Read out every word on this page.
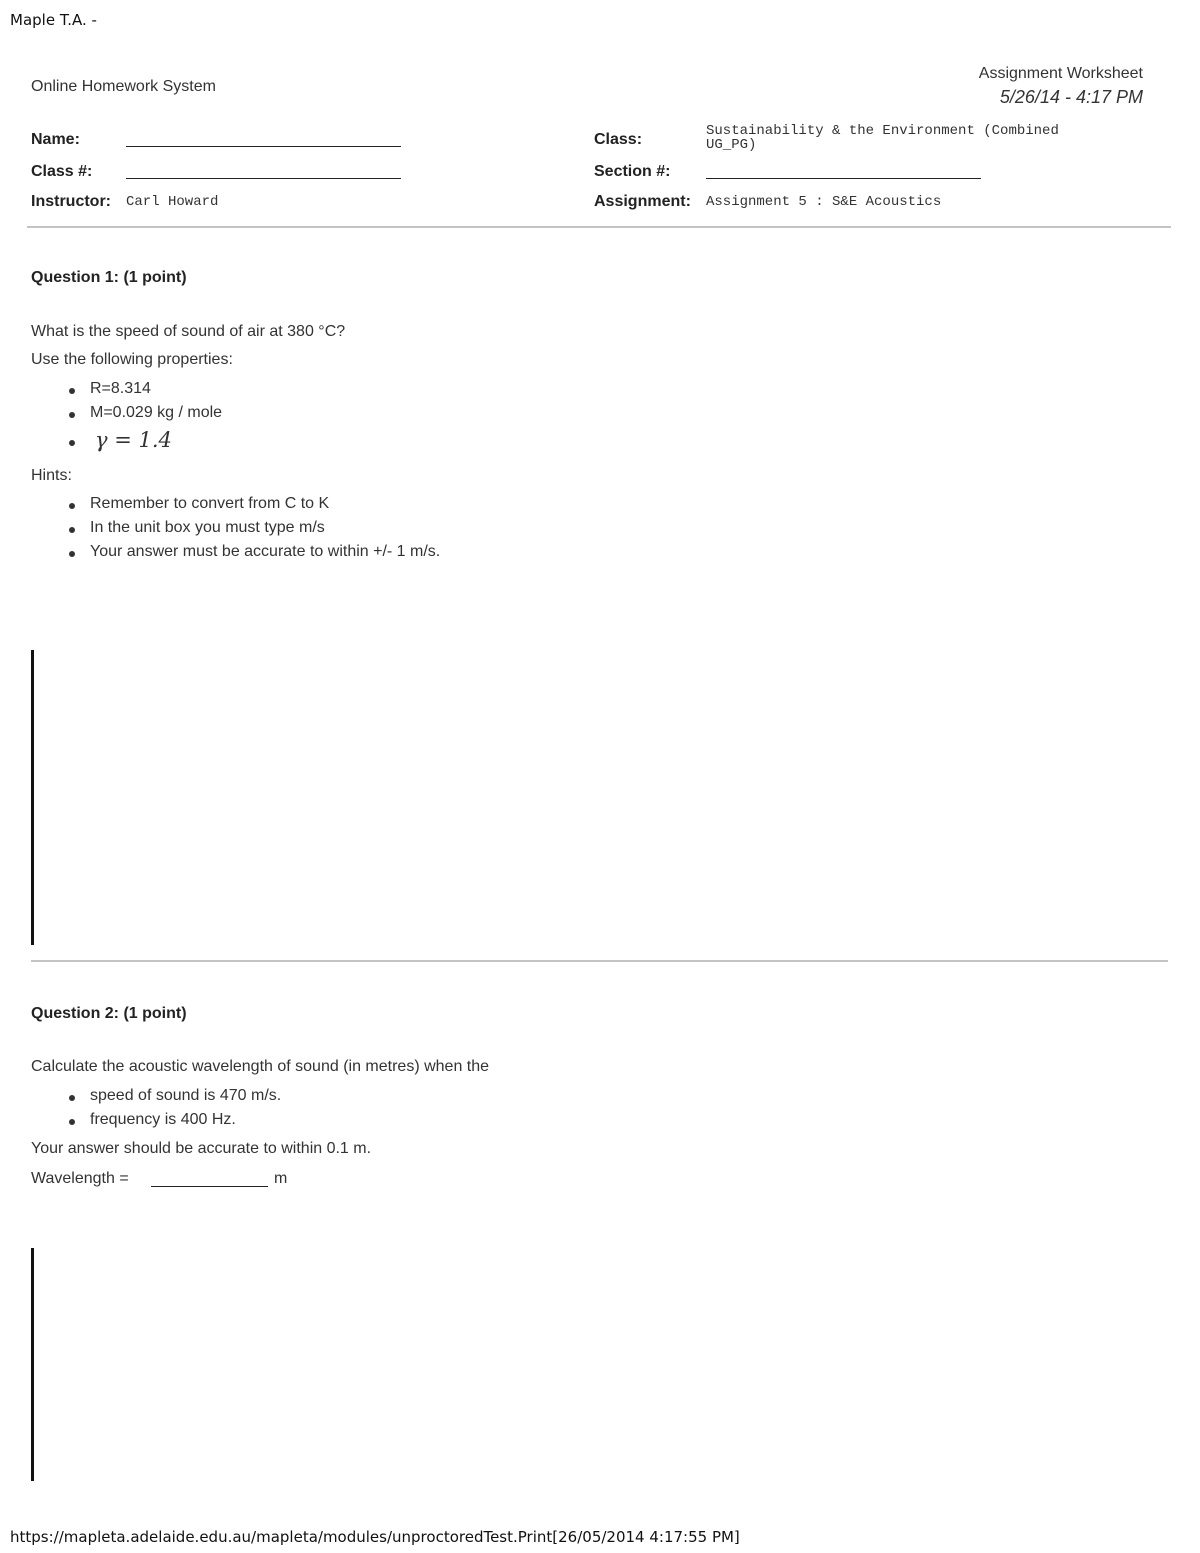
Maple T.A. -
Online Homework System
Assignment Worksheet
5/26/14 - 4:17 PM
Name:
Class #:
Instructor: Carl Howard
Class:	Sustainability & the Environment (Combined
UG_PG)
Section #:
Assignment: Assignment 5 : S&E Acoustics
Question 1: (1 point)
What is the speed of sound of air at 380 °C?
Use the following properties:
R=8.314
M=0.029 kg / mole
γ = 1.4
Hints:
Remember to convert from C to K
In the unit box you must type m/s
Your answer must be accurate to within +/- 1 m/s.
Question 2: (1 point)
Calculate the acoustic wavelength of sound (in metres) when the
speed of sound is 470 m/s.
frequency is 400 Hz.
Your answer should be accurate to within 0.1 m.
Wavelength =	m
https://mapleta.adelaide.edu.au/mapleta/modules/unproctoredTest.Print[26/05/2014 4:17:55 PM]
